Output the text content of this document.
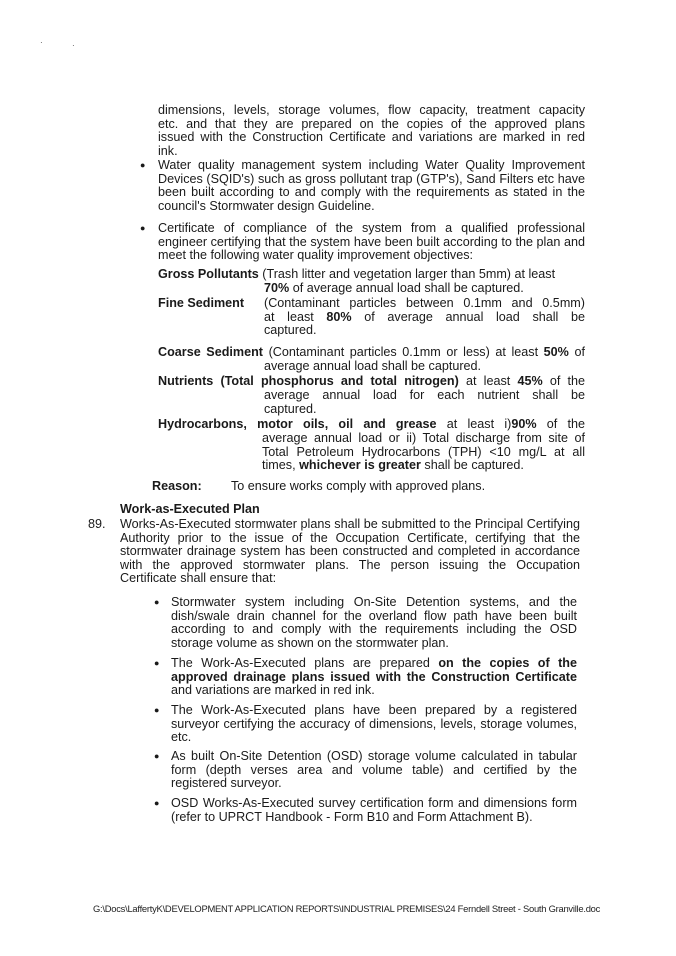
·	·
dimensions, levels, storage volumes, flow capacity, treatment capacity
etc. and that they are prepared on the copies of the approved plans
issued with the Construction Certificate and variations are marked in red
ink.
● Water quality management system including Water Quality Improvement Devices (SQID's) such as gross pollutant trap (GTP's), Sand Filters etc have been built according to and comply with the requirements as stated in the council's Stormwater design Guideline.
● Certificate of compliance of the system from a qualified professional engineer certifying that the system have been built according to the plan and meet the following water quality improvement objectives:
Gross Pollutants (Trash litter and vegetation larger than 5mm) at least
70% of average annual load shall be captured.
Fine Sediment (Contaminant particles between 0.1mm and 0.5mm)
at least 80% of average annual load shall be
captured.
Coarse Sediment (Contaminant particles 0.1mm or less) at least 50% of
average annual load shall be captured.
Nutrients (Total phosphorus and total nitrogen) at least 45% of the
average annual load for each nutrient shall be
captured.
Hydrocarbons, motor oils, oil and grease at least i)90% of the
average annual load or ii) Total discharge from site of
Total Petroleum Hydrocarbons (TPH) <10 mg/L at all
times, whichever is greater shall be captured.
Reason: To ensure works comply with approved plans.
Work-as-Executed Plan
89. Works-As-Executed stormwater plans shall be submitted to the Principal Certifying Authority prior to the issue of the Occupation Certificate, certifying that the stormwater drainage system has been constructed and completed in accordance with the approved stormwater plans. The person issuing the Occupation Certificate shall ensure that:
● Stormwater system including On-Site Detention systems, and the dish/swale drain channel for the overland flow path have been built according to and comply with the requirements including the OSD storage volume as shown on the stormwater plan.
● The Work-As-Executed plans are prepared on the copies of the approved drainage plans issued with the Construction Certificate and variations are marked in red ink.
● The Work-As-Executed plans have been prepared by a registered surveyor certifying the accuracy of dimensions, levels, storage volumes, etc.
● As built On-Site Detention (OSD) storage volume calculated in tabular form (depth verses area and volume table) and certified by the registered surveyor.
● OSD Works-As-Executed survey certification form and dimensions form (refer to UPRCT Handbook - Form B10 and Form Attachment B).
G:\Docs\LaffertyK\DEVELOPMENT APPLICATION REPORTS\INDUSTRIAL PREMISES\24 Ferndell Street - South Granville.doc
